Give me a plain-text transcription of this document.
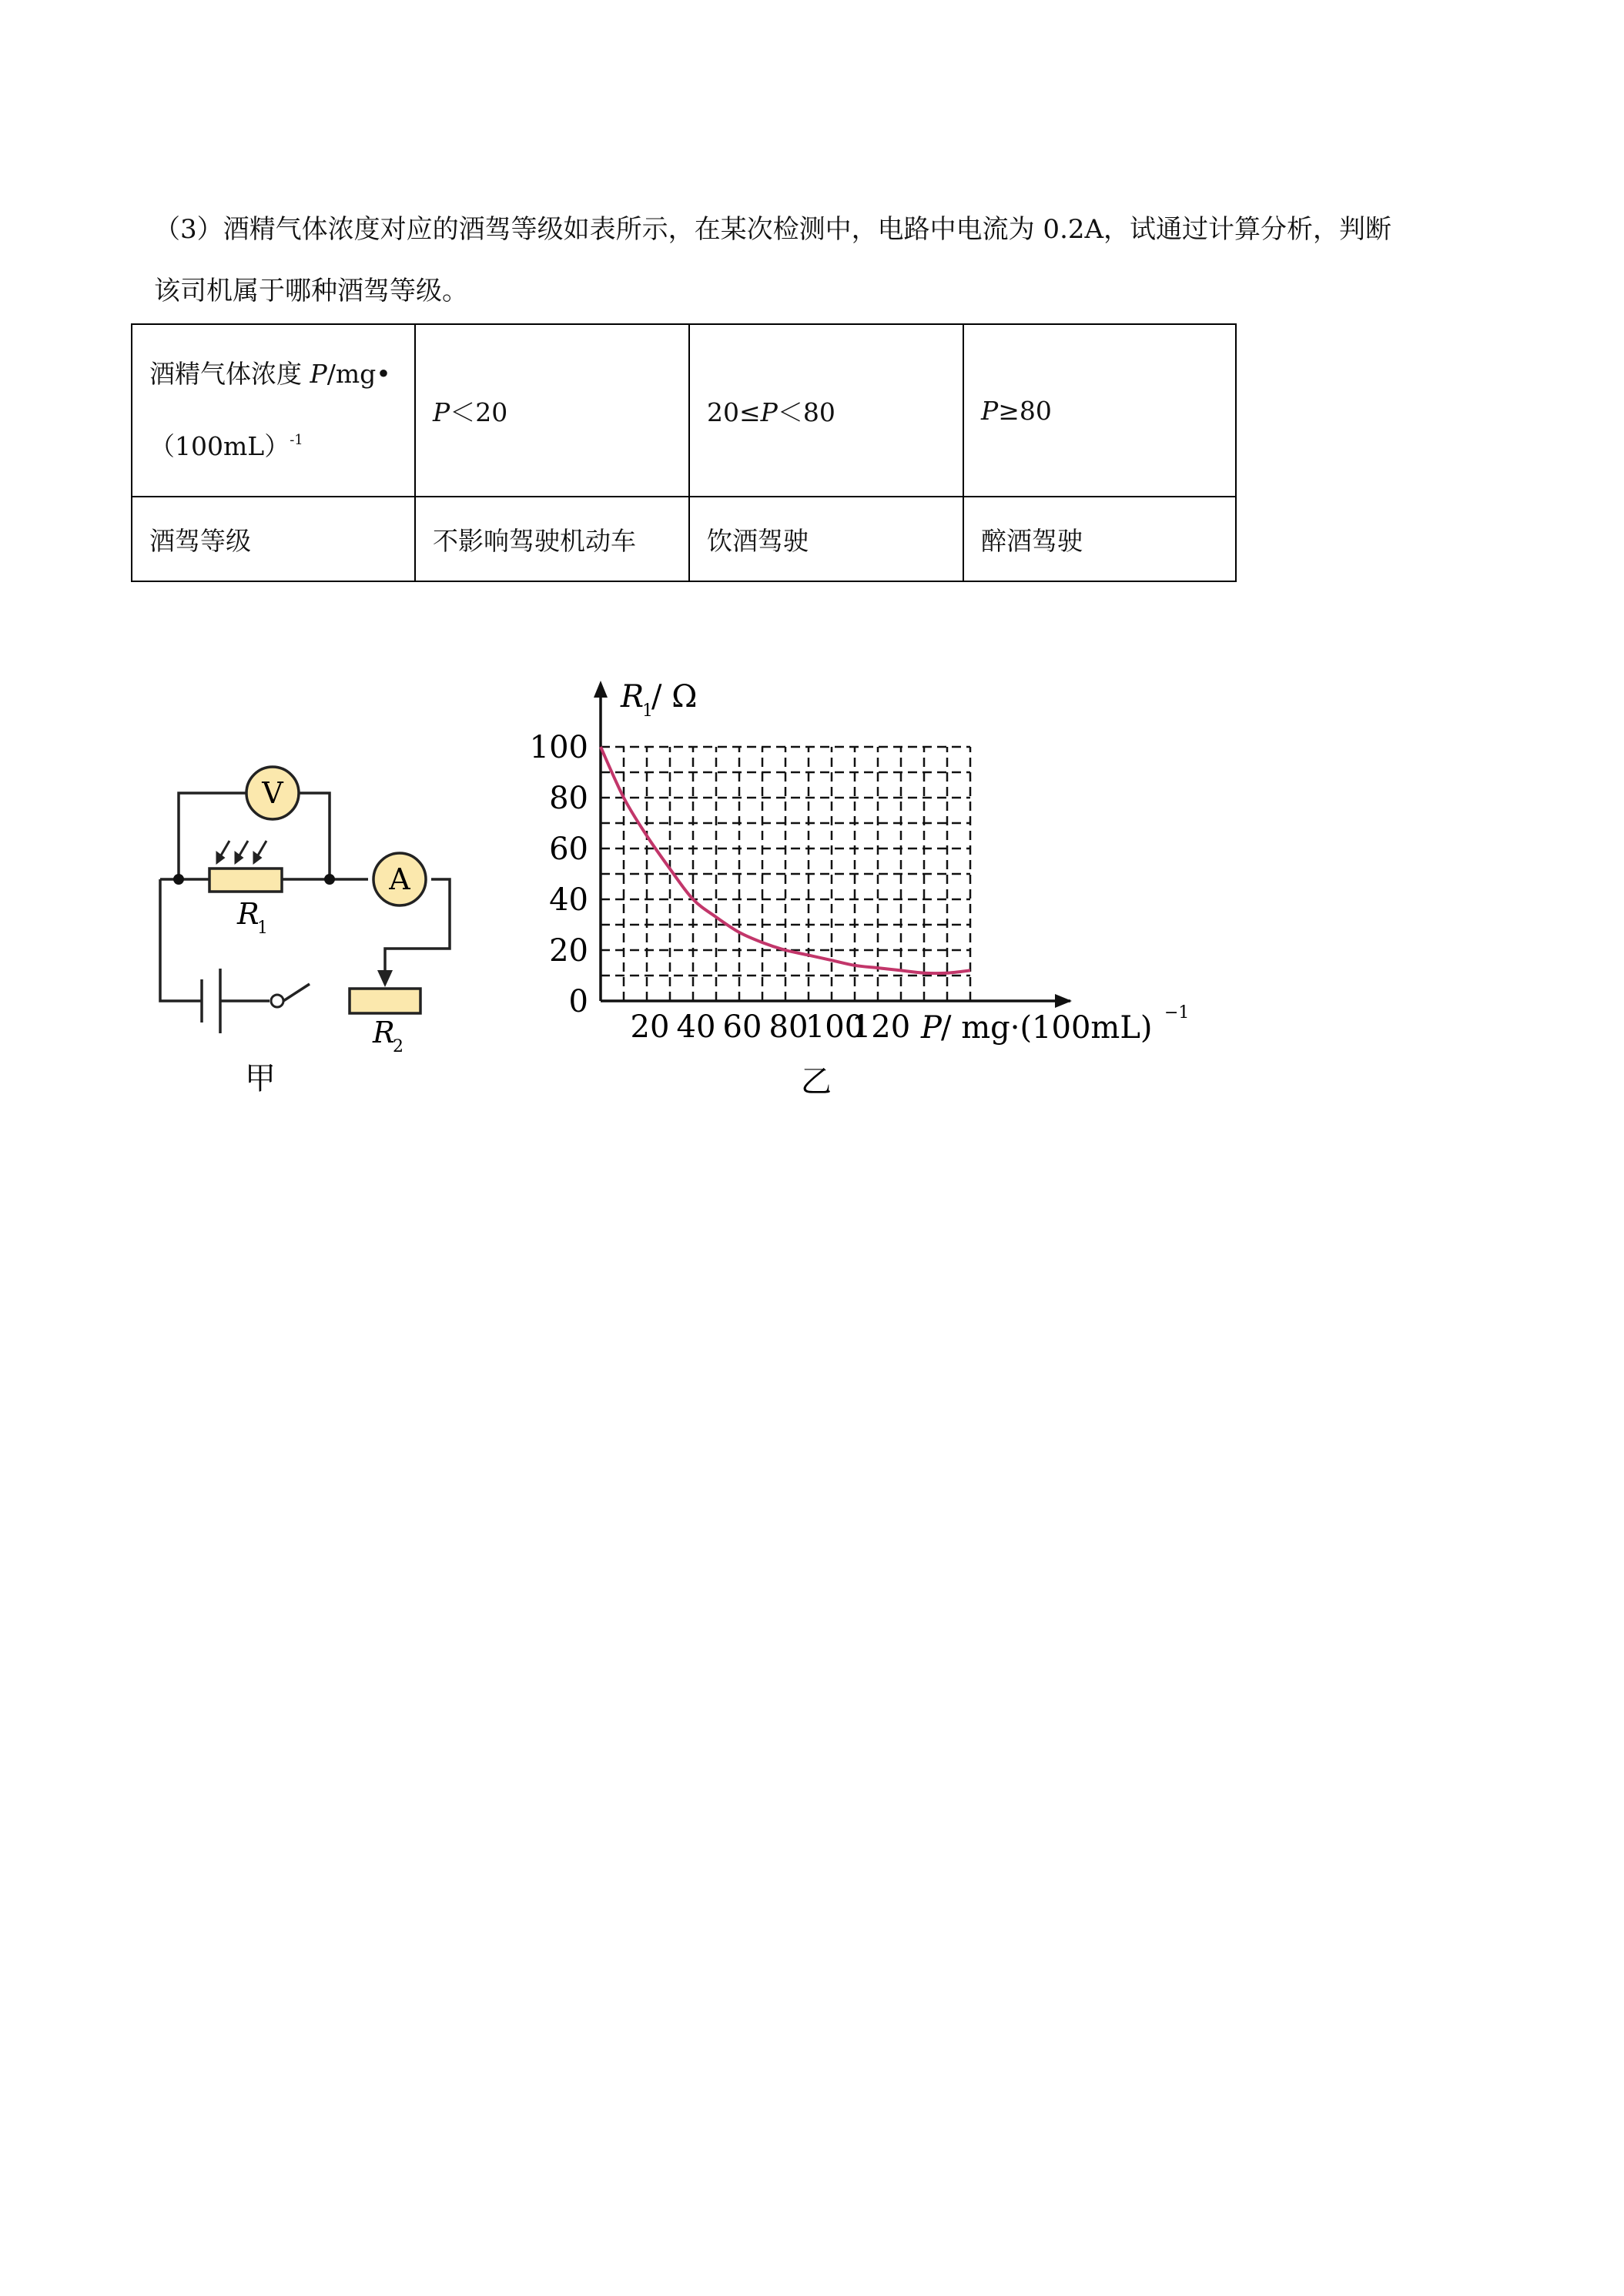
（3）酒精气体浓度对应的酒驾等级如表所示，在某次检测中，电路中电流为 0.2A，试通过计算分析，判断
该司机属于哪种酒驾等级。
酒精气体浓度 P/mg•
$(100mL)^{-1}$	P＜20	20≤P＜80	P≥80
酒驾等级	不影响驾驶机动车	饮酒驾驶	醉酒驾驶
V
A
R
1
R
2
甲
0
20
40
60
80
100
20 40 60 80
100
120
R
1
/ Ω
P / mg·(100mL) −1
乙
